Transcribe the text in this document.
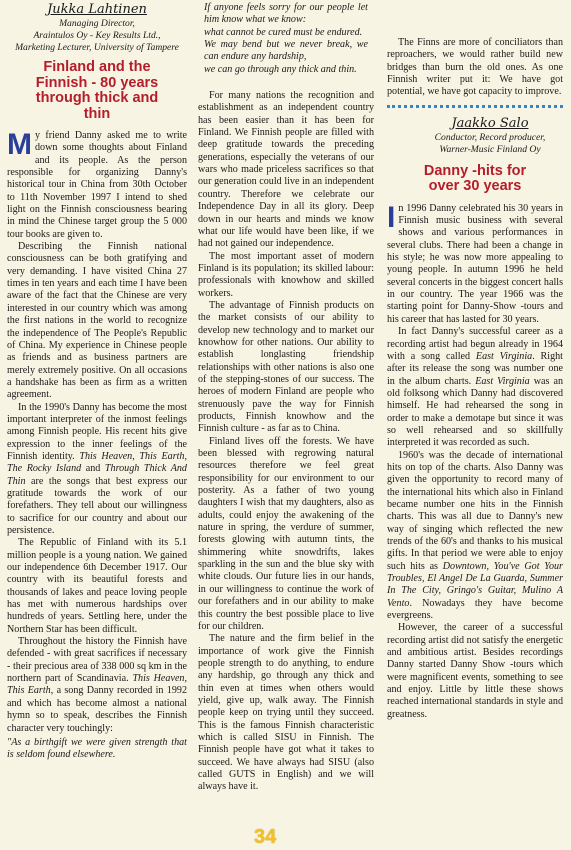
Jukka Lahtinen
Managing Director,
Araintulos Oy - Key Results Ltd.,
Marketing Lecturer, University of Tampere
Finland and the Finnish - 80 years through thick and thin

My friend Danny asked me to write down some thoughts about Finland and its people. As the person responsible for organizing Danny's historical tour in China from 30th October to 11th November 1997 I intend to shed light on the Finnish consciousness bearing in mind the Chinese target group the 5 000 tour books are given to.

Describing the Finnish national consciousness can be both gratifying and very demanding. I have visited China 27 times in ten years and each time I have been aware of the fact that the Chinese are very interested in our country which was among the first nations in the world to recognize the independence of The People's Republic of China. My experience in Chinese people as friends and as business partners are merely extremely positive. On all occasions a handshake has been as firm as a written agreement.

In the 1990's Danny has become the most important interpreter of the inmost feelings among Finnish people. His recent hits give expression to the inner feelings of the Finnish identity. This Heaven, This Earth, The Rocky Island and Through Thick And Thin are the songs that best express our gratitude towards the work of our forefathers. They tell about our willingness to sacrifice for our country and about our persistence.

The Republic of Finland with its 5.1 million people is a young nation. We gained our independence 6th December 1917. Our country with its beautiful forests and thousands of lakes and peace loving people has met with numerous hardships over hundreds of years. Settling here, under the Northern Star has been difficult.

Throughout the history the Finnish have defended - with great sacrifices if necessary - their precious area of 338 000 sq km in the northern part of Scandinavia. This Heaven, This Earth, a song Danny recorded in 1992 and which has become almost a national hymn so to speak, describes the Finnish character very touchingly:

"As a birthgift we were given strength that is seldom found elsewhere.

If anyone feels sorry for our people let him know what we know:

what cannot be cured must be endured.

We may bend but we never break, we can endure any hardship,

we can go through any thick and thin.

For many nations the recognition and establishment as an independent country has been easier than it has been for Finland. We Finnish people are filled with deep gratitude towards the preceding generations, especially the veterans of our wars who made priceless sacrifices so that our generation could live in an independent country. Therefore we celebrate our Independence Day in all its glory. Deep down in our hearts and minds we know what our life would have been like, if we had not gained our independence.

The most important asset of modern Finland is its population; its skilled labour: professionals with knowhow and skilled workers.

The advantage of Finnish products on the market consists of our ability to develop new technology and to market our knowhow for other nations. Our ability to establish longlasting friendship relationships with other nations is also one of the stepping-stones of our success. The heroes of modern Finland are people who strenuously pave the way for Finnish products, Finnish knowhow and the Finnish culture - as far as to China.

Finland lives off the forests. We have been blessed with regrowing natural resources therefore we feel great responsibility for our environment to our posterity. As a father of two young daughters I wish that my daughters, also as adults, could enjoy the awakening of the nature in spring, the verdure of summer, forests glowing with autumn tints, the shimmering white snowdrifts, lakes sparkling in the sun and the blue sky with white clouds. Our future lies in our hands, in our willingness to continue the work of our forefathers and in our ability to make this country the best possible place to live for our children.

The nature and the firm belief in the importance of work give the Finnish people strength to do anything, to endure any hardship, go through any thick and thin even at times when others would yield, give up, walk away. The Finnish people keep on trying until they succeed. This is the famous Finnish characteristic which is called SISU in Finnish. The Finnish people have got what it takes to succeed. We have always had SISU (also called GUTS in English) and we will always have it.

The Finns are more of conciliators than reproachers, we would rather build new bridges than burn the old ones. As one Finnish writer put it: We have got potential, we have got capacity to improve.

Jaakko Salo
Conductor, Record producer,
Warner-Music Finland Oy
Danny -hits for over 30 years

In 1996 Danny celebrated his 30 years in Finnish music business with several shows and various performances in several clubs. There had been a change in his style; he was now more appealing to young people. In autumn 1996 he held several concerts in the biggest concert halls in our country. The year 1966 was the starting point for Danny-Show -tours and his career that has lasted for 30 years.

In fact Danny's successful career as a recording artist had begun already in 1964 with a song called East Virginia. Right after its release the song was number one in the album charts. East Virginia was an old folksong which Danny had discovered himself. He had rehearsed the song in order to make a demotape but since it was so well rehearsed and so skillfully interpreted it was recorded as such.

1960's was the decade of international hits on top of the charts. Also Danny was given the opportunity to record many of the international hits which also in Finland became number one hits in the Finnish charts. This was all due to Danny's new way of singing which reflected the new trends of the 60's and thanks to his musical gifts. In that period we were able to enjoy such hits as Downtown, You've Got Your Troubles, El Angel De La Guarda, Summer In The City, Gringo's Guitar, Mulino A Vento. Nowadays they have become evergreens.

However, the career of a successful recording artist did not satisfy the energetic and ambitious artist. Besides recordings Danny started Danny Show -tours which were magnificent events, something to see and enjoy. Little by little these shows reached international standards in style and greatness.

34
